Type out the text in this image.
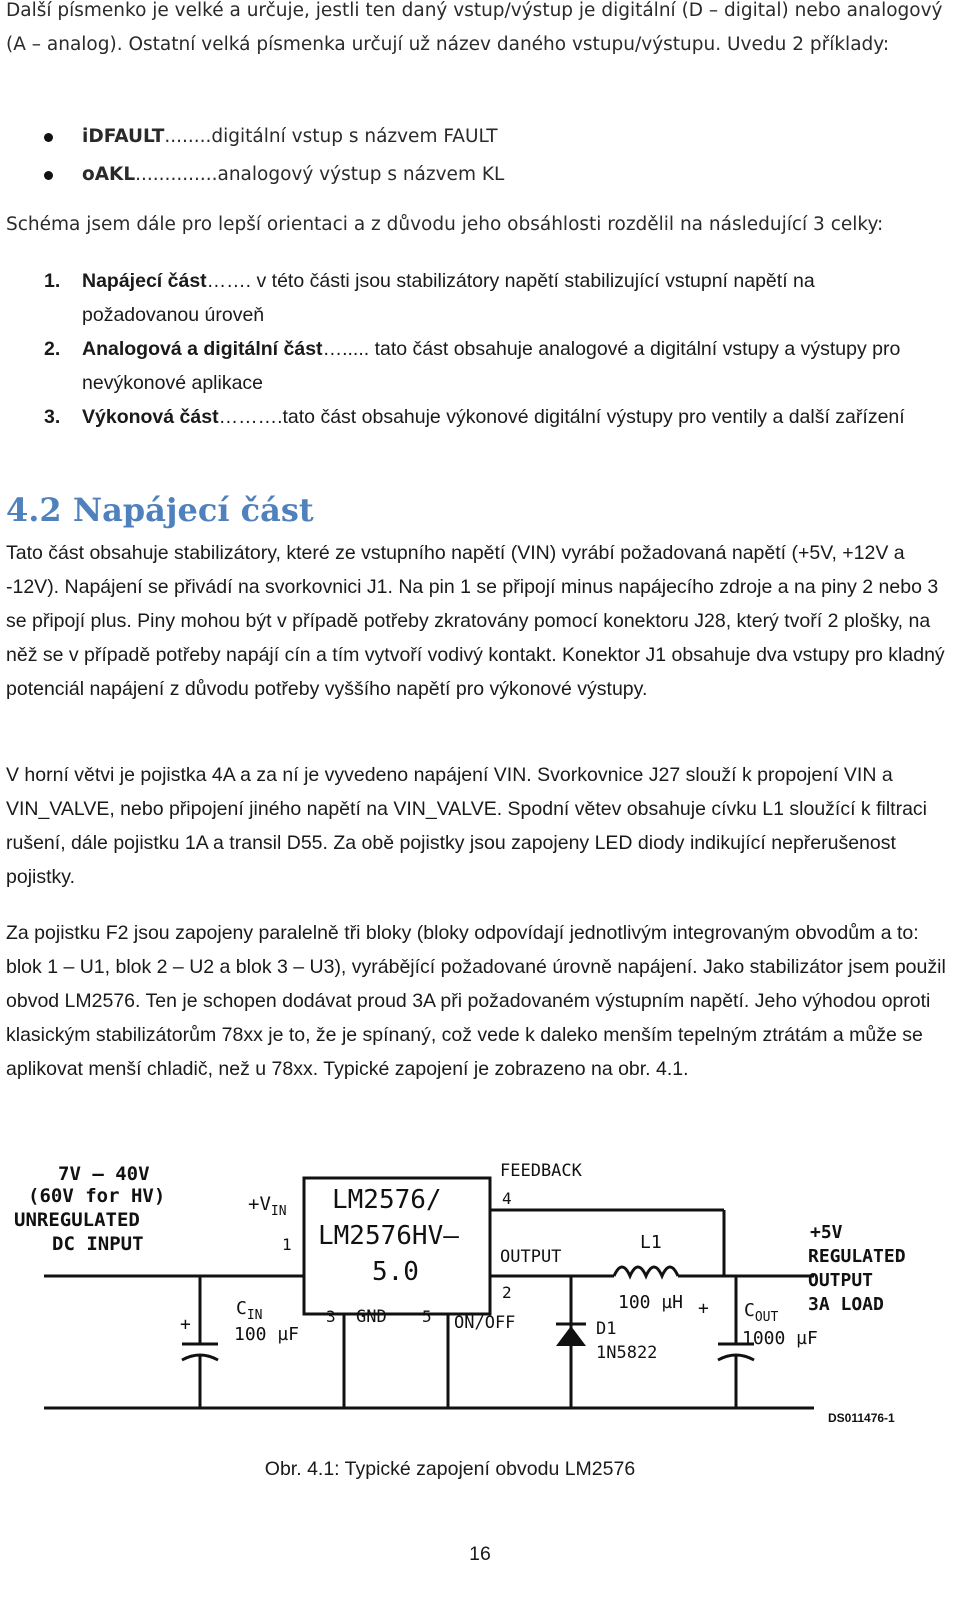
Další písmenko je velké a určuje, jestli ten daný vstup/výstup je digitální (D – digital) nebo analogový (A – analog). Ostatní velká písmenka určují už název daného vstupu/výstupu. Uvedu 2 příklady:

iDFAULT........digitální vstup s názvem FAULT
oAKL..............analogový výstup s názvem KL

Schéma jsem dále pro lepší orientaci a z důvodu jeho obsáhlosti rozdělil na následující 3 celky:

1. Napájecí část……. v této části jsou stabilizátory napětí stabilizující vstupní napětí na požadovanou úroveň
2. Analogová a digitální část…..... tato část obsahuje analogové a digitální vstupy a výstupy pro nevýkonové aplikace
3. Výkonová část……….tato část obsahuje výkonové digitální výstupy pro ventily a další zařízení
4.2 Napájecí část

Tato část obsahuje stabilizátory, které ze vstupního napětí (VIN) vyrábí požadovaná napětí (+5V, +12V a -12V). Napájení se přivádí na svorkovnici J1. Na pin 1 se připojí minus napájecího zdroje a na piny 2 nebo 3 se připojí plus. Piny mohou být v případě potřeby zkratovány pomocí konektoru J28, který tvoří 2 plošky, na něž se v případě potřeby napájí cín a tím vytvoří vodivý kontakt. Konektor J1 obsahuje dva vstupy pro kladný potenciál napájení z důvodu potřeby vyššího napětí pro výkonové výstupy.

V horní větvi je pojistka 4A a za ní je vyvedeno napájení VIN. Svorkovnice J27 slouží k propojení VIN a VIN_VALVE, nebo připojení jiného napětí na VIN_VALVE. Spodní větev obsahuje cívku L1 sloužící k filtraci rušení, dále pojistku 1A a transil D55. Za obě pojistky jsou zapojeny LED diody indikující nepřerušenost pojistky.

Za pojistku F2 jsou zapojeny paralelně tři bloky (bloky odpovídají jednotlivým integrovaným obvodům a to: blok 1 – U1, blok 2 – U2 a blok 3 – U3), vyrábějící požadované úrovně napájení. Jako stabilizátor jsem použil obvod LM2576. Ten je schopen dodávat proud 3A při požadovaném výstupním napětí. Jeho výhodou oproti klasickým stabilizátorům 78xx je to, že je spínaný, což vede k daleko menším tepelným ztrátám a může se aplikovat menší chladič, než u 78xx. Typické zapojení je zobrazeno na obr. 4.1.

7V – 40V
(60V for HV)
UNREGULATED
DC INPUT
$+V_{IN}$
1
LM2576/
LM2576HV–
5.0
FEEDBACK
4
OUTPUT
2
3 GND 5 ON/OFF
+
$C_{IN}$
100 µF
L1
100 µH
D1
1N5822
+ $C_{OUT}$
1000 µF
+5V
REGULATED
OUTPUT
3A LOAD
DS011476-1
Obr. 4.1: Typické zapojení obvodu LM2576
16
